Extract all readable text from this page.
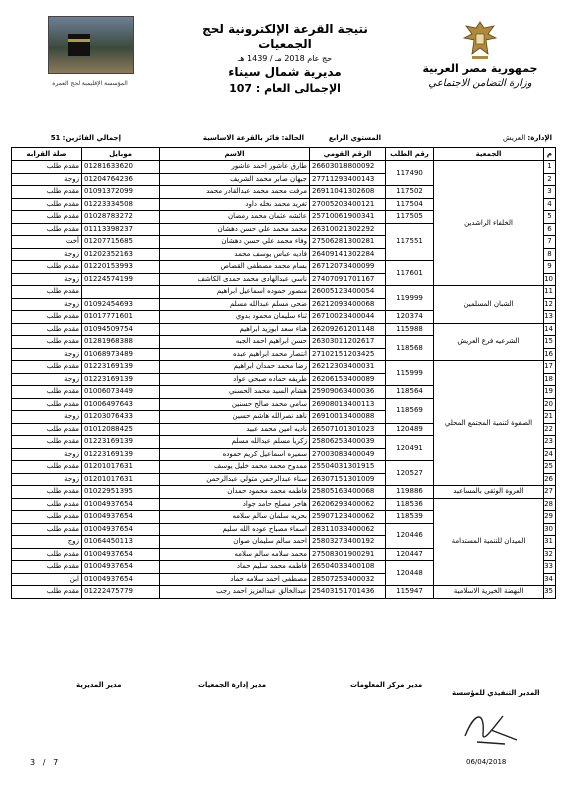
نتيجة القرعة الإلكترونية لحج الجمعيات
حج عام 2018 مـ / 1439 هـ
مديرية شمال سيناء
الإجمالى العام : 107
المؤسسة الإقليمية لحج العمرة
جمهورية مصر العربية
وزارة التضامن الاجتماعي
الإدارة: العريش
المستوي الرابع
الحالة: فائز بالقرعة الاساسية
إجمالي الفائزين: 51
م	الجمعية	رقم الطلب	الرقم القومي	الاسم	موبايل	صلة القرابه
1	الخلفاء الراشدين	117490	26603018800092	طارق عاشور احمد عاشور	01281633620	مقدم طلب
2			27711293400143	جيهان صابر محمد الشريف	01204764236	زوجة
3		117502	26911041302608	مرفت محمد محمد عبدالقادر محمد	01091372099	مقدم طلب
4		117504	27005203400121	تغريد محمد نخله داود	01223334508	مقدم طلب
5		117505	25710061900341	عائشه عثمان محمد رمضان	01028783272	مقدم طلب
6		117551	26310021302292	محمد محمد علي حسن دهشان	01113398237	مقدم طلب
7			27506281300281	وفاء محمد علي حسن دهشان	01207715685	أخت
8			26409141302284	فاديه عباس يوسف محمد	01202352163	زوجة
9		117601	26712073400099	بسام محمد مصطفى القصاص	01220153993	مقدم طلب
10			27407091701167	ناسي عبدالهادى محمد حمدى الكاشف	01224574199	زوجة
11	الشبان المسلمين	119999	26005123400054	منصور حموده اسماعيل ابراهيم		مقدم طلب
12			26212093400068	ضحى مسلم عبدالله مسلم	01092454693	زوجة
13		120374	26710023400044	ثناء سليمان محمود بدوي	01017771601	مقدم طلب
14	الشرعيه فرع العريش	115988	26209261201148	هناء سعد ابوزيد ابراهيم	01094509754	مقدم طلب
15		118568	26303011202617	حسن ابراهيم احمد الجبه	01281968388	مقدم طلب
16			27102151203425	انتصار محمد ابراهيم عبده	01068973489	زوجة
17	الصفوة لتنمية المجتمع المحلي	115999	26212303400031	رضا محمد حمدان ابراهيم	01223169139	مقدم طلب
18			26206153400089	ظريفه حماده صبحي عواد	01223169139	زوجة
19		118564	25909063400036	هشام السيد محمد الحسني	01006073449	مقدم طلب
20		118569	26908013400113	سامي محمد صالح حسنين	01006497643	مقدم طلب
21			26910013400088	ناهد نصرالله هاشم حسين	01203076433	زوجة
22		120489	26507101301023	ناديه امين محمد عبيد	01012088425	مقدم طلب
23		120491	25806253400039	زكريا مسلم عبدالله مسلم	01223169139	مقدم طلب
24			27003083400049	سميره اسماعيل كريم حموده	01223169139	زوجة
25		120527	25504031301915	ممدوح محمد محمد خليل يوسف	01201017631	مقدم طلب
26			26307151301009	سناء عبدالرحمن متولي عبدالرحمن	01201017631	زوجة
27	العروة الوثقى بالمساعيد	119886	25805163400068	فاطمه محمد محمود حمدان	01022951395	مقدم طلب
28	الميدان للتنمية المستدامة	118536	26206293400062	هاجر مصلح حامد جواد	01004937654	مقدم طلب
29		118539	25907123400062	بحريه سلمان سالم سلامه	01004937654	مقدم طلب
30		120446	28311033400062	اسماء مصباح عوده الله سليم	01004937654	مقدم طلب
31			25803273400192	احمد سالم سليمان صوان	01064450113	زوج
32		120447	27508301900291	محمد سلامه سالم سلامه	01004937654	مقدم طلب
33		120448	26504033400108	فاطمه محمد سليم حماد	01004937654	مقدم طلب
34			28507253400032	مصطفى احمد سلامه حماد	01004937654	ابن
35	النهضة الخيرية الاسلامية	115947	25403151701436	عبدالخالق عبدالعزيز احمد رجب	01222475779	مقدم طلب
مدير مركز المعلومات
مدير إدارة الجمعيات
مدير المديرية
المدير التنفيذي للمؤسسة
06/04/2018
3 / 7
